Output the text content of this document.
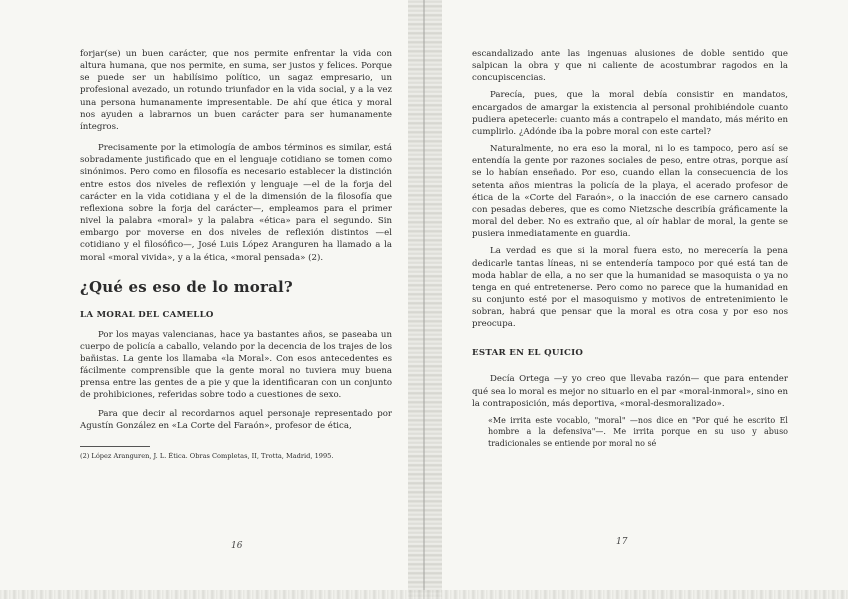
forjar(se) un buen carácter, que nos permite enfrentar la vida con altura humana, que nos permite, en suma, ser justos y felices. Porque se puede ser un habilísimo político, un sagaz empresario, un profesional avezado, un rotundo triunfador en la vida social, y a la vez una persona humanamente impresentable. De ahí que ética y moral nos ayuden a labrarnos un buen carácter para ser humanamente íntegros.

Precisamente por la etimología de ambos términos es similar, está sobradamente justificado que en el lenguaje cotidiano se tomen como sinónimos. Pero como en filosofía es necesario establecer la distinción entre estos dos niveles de reflexión y lenguaje —el de la forja del carácter en la vida cotidiana y el de la dimensión de la filosofía que reflexiona sobre la forja del carácter—, empleamos para el primer nivel la palabra «moral» y la palabra «ética» para el segundo. Sin embargo por moverse en dos niveles de reflexión distintos —el cotidiano y el filosófico—, José Luis López Aranguren ha llamado a la moral «moral vivida», y a la ética, «moral pensada» (2).

¿Qué es eso de lo moral?
LA MORAL DEL CAMELLO

Por los mayas valencianas, hace ya bastantes años, se paseaba un cuerpo de policía a caballo, velando por la decencia de los trajes de los bañistas. La gente los llamaba «la Moral». Con esos antecedentes es fácilmente comprensible que la gente moral no tuviera muy buena prensa entre las gentes de a pie y que la identificaran con un conjunto de prohibiciones, referidas sobre todo a cuestiones de sexo.

Para que decir al recordarnos aquel personaje representado por Agustín González en «La Corte del Faraón», profesor de ética,

(2) López Aranguren, J. L. Ética. Obras Completas, II, Trotta, Madrid, 1995.

16

escandalizado ante las ingenuas alusiones de doble sentido que salpican la obra y que ni caliente de acostumbrar ragodos en la concupiscencias.

Parecía, pues, que la moral debía consistir en mandatos, encargados de amargar la existencia al personal prohibiéndole cuanto pudiera apetecerle: cuanto más a contrapelo el mandato, más mérito en cumplirlo. ¿Adónde iba la pobre moral con este cartel?

Naturalmente, no era eso la moral, ni lo es tampoco, pero así se entendía la gente por razones sociales de peso, entre otras, porque así se lo habían enseñado. Por eso, cuando ellan la consecuencia de los setenta años mientras la policía de la playa, el acerado profesor de ética de la «Corte del Faraón», o la inacción de ese carnero cansado con pesadas deberes, que es como Nietzsche describía gráficamente la moral del deber. No es extraño que, al oír hablar de moral, la gente se pusiera inmediatamente en guardia.

La verdad es que si la moral fuera esto, no merecería la pena dedicarle tantas líneas, ni se entendería tampoco por qué está tan de moda hablar de ella, a no ser que la humanidad se masoquista o ya no tenga en qué entretenerse. Pero como no parece que la humanidad en su conjunto esté por el masoquismo y motivos de entretenimiento le sobran, habrá que pensar que la moral es otra cosa y por eso nos preocupa.

ESTAR EN EL QUICIO

Decía Ortega —y yo creo que llevaba razón— que para entender qué sea lo moral es mejor no situarlo en el par «moral-inmoral», sino en la contraposición, más deportiva, «moral-desmoralizado».

«Me irrita este vocablo, "moral" —nos dice en "Por qué he escrito El hombre a la defensiva"—. Me irrita porque en su uso y abuso tradicionales se entiende por moral no sé

17
